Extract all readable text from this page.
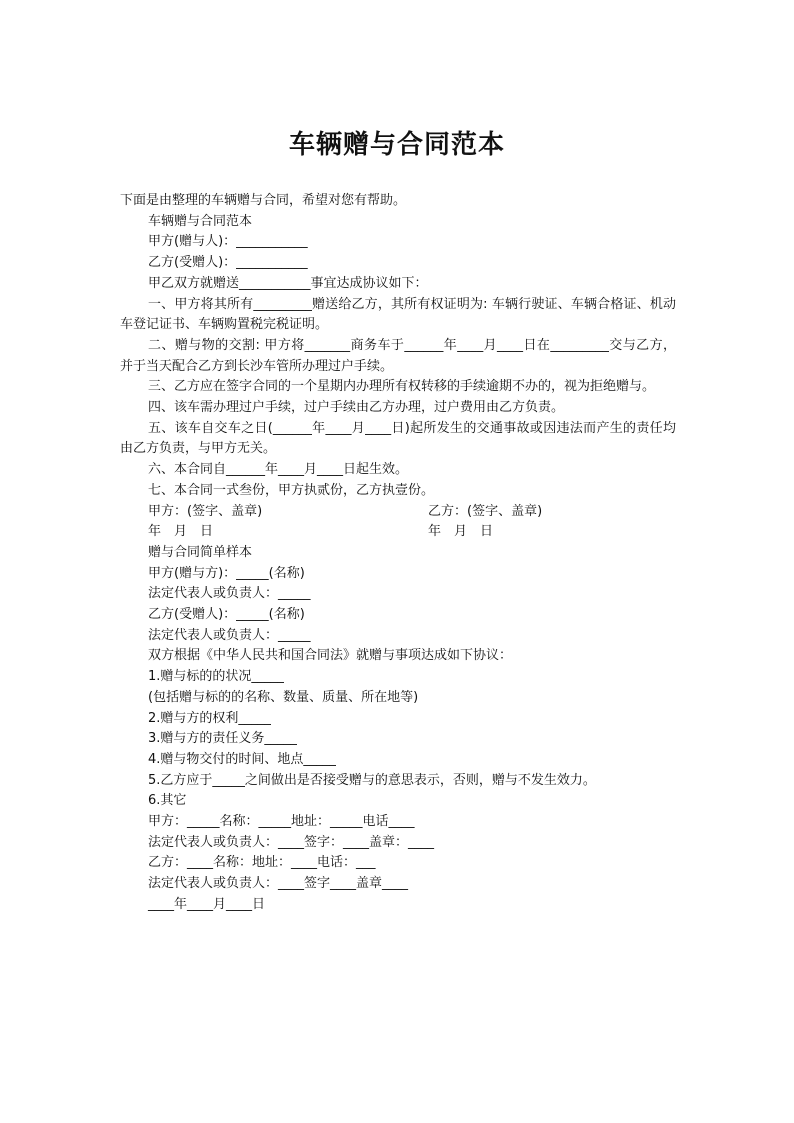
车辆赠与合同范本

下面是由整理的车辆赠与合同，希望对您有帮助。

车辆赠与合同范本

甲方(赠与人)：___________

乙方(受赠人)：___________

甲乙双方就赠送___________事宜达成协议如下：

一、甲方将其所有_________赠送给乙方，其所有权证明为: 车辆行驶证、车辆合格证、机动车登记证书、车辆购置税完税证明。

二、赠与物的交割: 甲方将_______商务车于______年____月____日在_________交与乙方，并于当天配合乙方到长沙车管所办理过户手续。

三、乙方应在签字合同的一个星期内办理所有权转移的手续逾期不办的，视为拒绝赠与。

四、该车需办理过户手续，过户手续由乙方办理，过户费用由乙方负责。

五、该车自交车之日(______年____月____日)起所发生的交通事故或因违法而产生的责任均由乙方负责，与甲方无关。

六、本合同自______年____月____日起生效。

七、本合同一式叁份，甲方执贰份，乙方执壹份。

甲方：(签字、盖章)	乙方：(签字、盖章)
年　月　日	年　月　日

赠与合同简单样本

甲方(赠与方)：_____(名称)

法定代表人或负责人：_____

乙方(受赠人)：_____(名称)

法定代表人或负责人：_____

双方根据《中华人民共和国合同法》就赠与事项达成如下协议：

1.赠与标的的状况_____

(包括赠与标的的名称、数量、质量、所在地等)

2.赠与方的权利_____

3.赠与方的责任义务_____

4.赠与物交付的时间、地点_____

5.乙方应于_____之间做出是否接受赠与的意思表示，否则，赠与不发生效力。

6.其它

甲方：_____名称：_____地址：_____电话____

法定代表人或负责人：____签字：____盖章：____

乙方：____名称：地址：____电话：___

法定代表人或负责人：____签字____盖章____

____年____月____日
